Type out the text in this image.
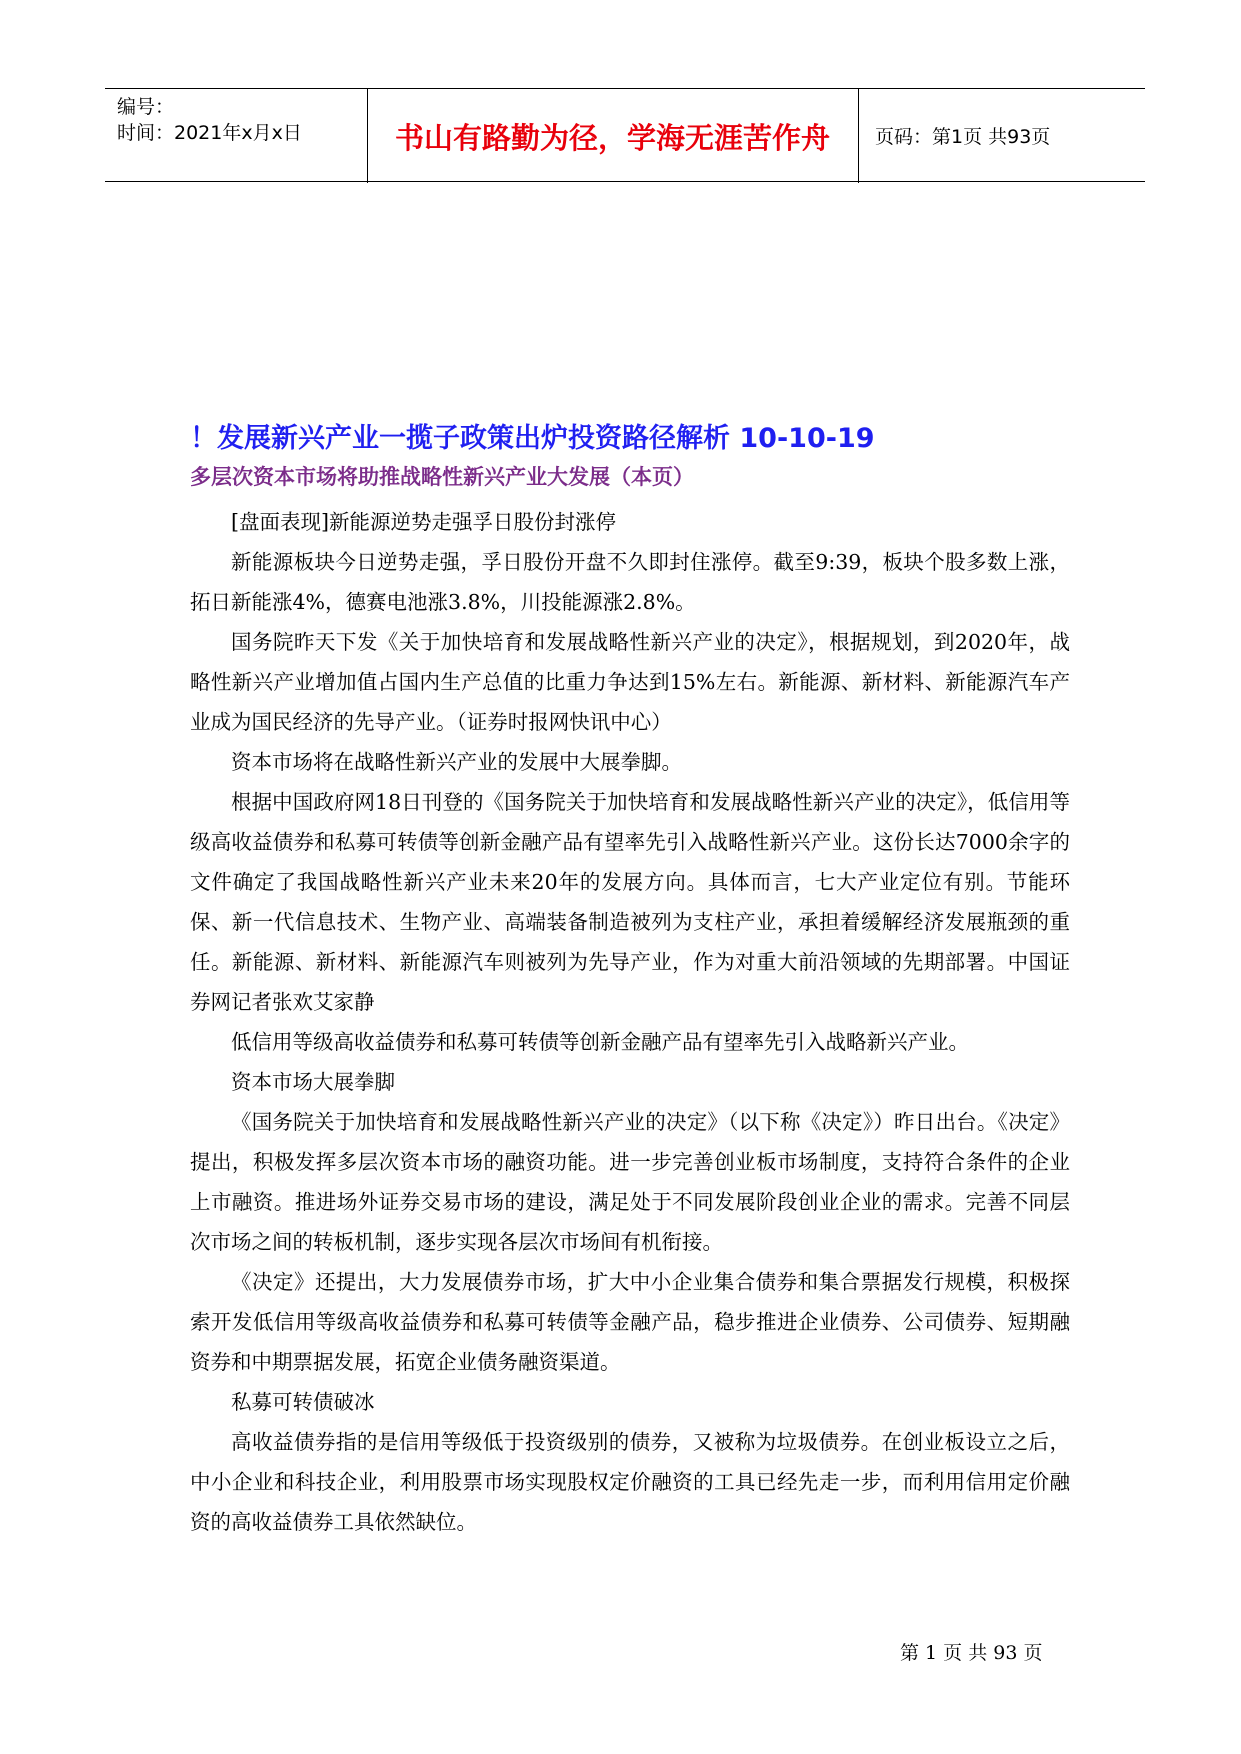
编号：
时间：2021年x月x日	书山有路勤为径，学海无涯苦作舟	页码：第1页 共93页
！发展新兴产业一揽子政策出炉投资路径解析 10-10-19
多层次资本市场将助推战略性新兴产业大发展（本页）

[盘面表现]新能源逆势走强孚日股份封涨停

新能源板块今日逆势走强，孚日股份开盘不久即封住涨停。截至9:39，板块个股多数上涨，拓日新能涨4%，德赛电池涨3.8%，川投能源涨2.8%。

国务院昨天下发《关于加快培育和发展战略性新兴产业的决定》，根据规划，到2020年，战略性新兴产业增加值占国内生产总值的比重力争达到15%左右。新能源、新材料、新能源汽车产业成为国民经济的先导产业。（证券时报网快讯中心）

资本市场将在战略性新兴产业的发展中大展拳脚。

根据中国政府网18日刊登的《国务院关于加快培育和发展战略性新兴产业的决定》，低信用等级高收益债券和私募可转债等创新金融产品有望率先引入战略性新兴产业。这份长达7000余字的文件确定了我国战略性新兴产业未来20年的发展方向。具体而言，七大产业定位有别。节能环保、新一代信息技术、生物产业、高端装备制造被列为支柱产业，承担着缓解经济发展瓶颈的重任。新能源、新材料、新能源汽车则被列为先导产业，作为对重大前沿领域的先期部署。中国证券网记者张欢艾家静

低信用等级高收益债券和私募可转债等创新金融产品有望率先引入战略新兴产业。

资本市场大展拳脚

《国务院关于加快培育和发展战略性新兴产业的决定》（以下称《决定》）昨日出台。《决定》提出，积极发挥多层次资本市场的融资功能。进一步完善创业板市场制度，支持符合条件的企业上市融资。推进场外证券交易市场的建设，满足处于不同发展阶段创业企业的需求。完善不同层次市场之间的转板机制，逐步实现各层次市场间有机衔接。

《决定》还提出，大力发展债券市场，扩大中小企业集合债券和集合票据发行规模，积极探索开发低信用等级高收益债券和私募可转债等金融产品，稳步推进企业债券、公司债券、短期融资券和中期票据发展，拓宽企业债务融资渠道。

私募可转债破冰

高收益债券指的是信用等级低于投资级别的债券，又被称为垃圾债券。在创业板设立之后，中小企业和科技企业，利用股票市场实现股权定价融资的工具已经先走一步，而利用信用定价融资的高收益债券工具依然缺位。

第 1 页 共 93 页
